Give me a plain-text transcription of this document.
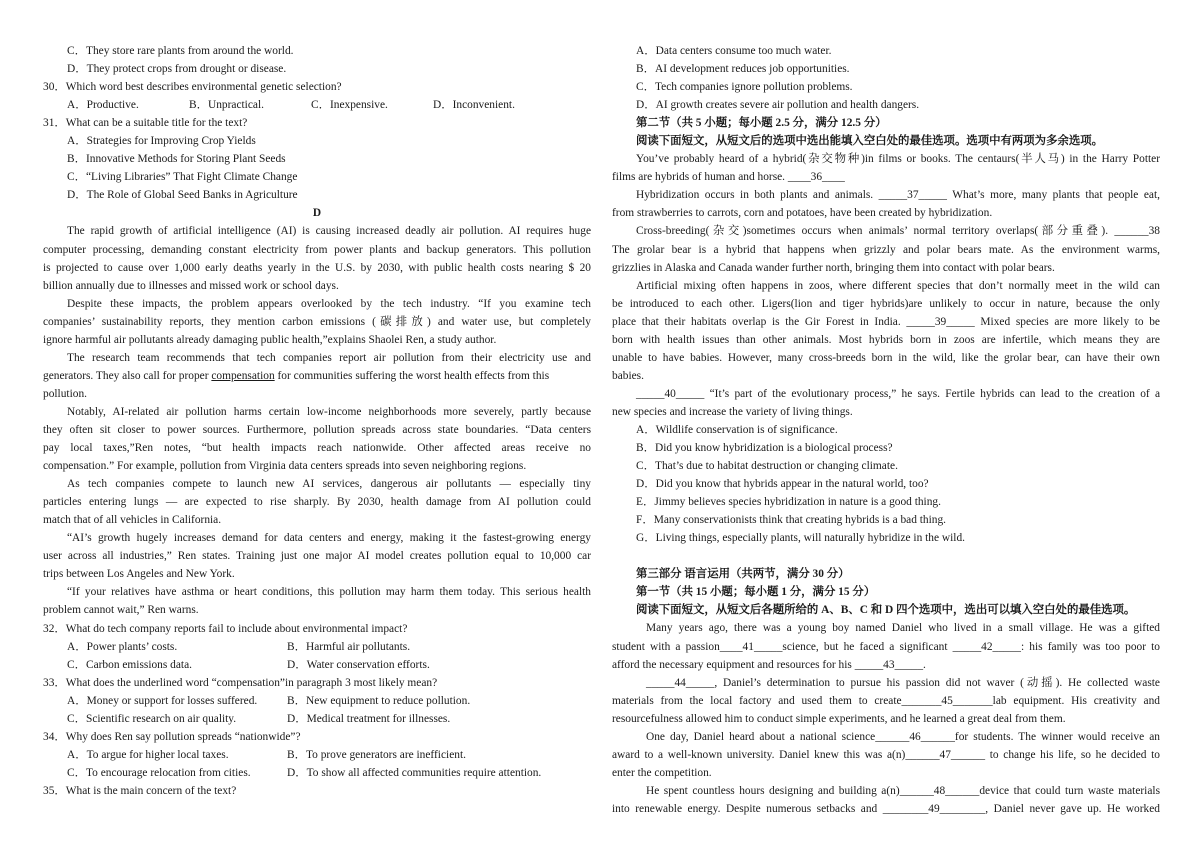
C．They store rare plants from around the world.
D．They protect crops from drought or disease.
30．Which word best describes environmental genetic selection?
A．Productive.	B．Unpractical.	C．Inexpensive.	D．Inconvenient.
31．What can be a suitable title for the text?
A．Strategies for Improving Crop Yields
B．Innovative Methods for Storing Plant Seeds
C．“Living Libraries” That Fight Climate Change
D．The Role of Global Seed Banks in Agriculture
D
The rapid growth of artificial intelligence (AI) is causing increased deadly air pollution. AI requires huge
computer processing, demanding constant electricity from power plants and backup generators. This pollution
is projected to cause over 1,000 early deaths yearly in the U.S. by 2030, with public health costs nearing $ 20
billion annually due to illnesses and missed work or school days.
Despite these impacts, the problem appears overlooked by the tech industry. “If you examine tech
companies’ sustainability reports, they mention carbon emissions (碳排放) and water use, but completely
ignore harmful air pollutants already damaging public health,”explains Shaolei Ren, a study author.
The research team recommends that tech companies report air pollution from their electricity use and
generators. They also call for proper compensation for communities suffering the worst health effects from this
pollution.
Notably, AI-related air pollution harms certain low-income neighborhoods more severely, partly because
they often sit closer to power sources. Furthermore, pollution spreads across state boundaries. “Data centers
pay local taxes,”Ren notes, “but health impacts reach nationwide. Other affected areas receive no
compensation.” For example, pollution from Virginia data centers spreads into seven neighboring regions.
As tech companies compete to launch new AI services, dangerous air pollutants — especially tiny
particles entering lungs — are expected to rise sharply. By 2030, health damage from AI pollution could
match that of all vehicles in California.
“AI’s growth hugely increases demand for data centers and energy, making it the fastest-growing energy
user across all industries,” Ren states. Training just one major AI model creates pollution equal to 10,000 car
trips between Los Angeles and New York.
“If your relatives have asthma or heart conditions, this pollution may harm them today. This serious health
problem cannot wait,” Ren warns.
32．What do tech company reports fail to include about environmental impact?
A．Power plants’ costs.	B．Harmful air pollutants.
C．Carbon emissions data.	D．Water conservation efforts.
33．What does the underlined word “compensation”in paragraph 3 most likely mean?
A．Money or support for losses suffered.	B．New equipment to reduce pollution.
C．Scientific research on air quality.	D．Medical treatment for illnesses.
34．Why does Ren say pollution spreads “nationwide”?
A．To argue for higher local taxes.	B．To prove generators are inefficient.
C．To encourage relocation from cities.	D．To show all affected communities require attention.
35．What is the main concern of the text?
A．Data centers consume too much water.
B．AI development reduces job opportunities.
C．Tech companies ignore pollution problems.
D．AI growth creates severe air pollution and health dangers.
第二节（共 5 小题；每小题 2.5 分，满分 12.5 分）
阅读下面短文，从短文后的选项中选出能填入空白处的最佳选项。选项中有两项为多余选项。
You’ve probably heard of a hybrid(杂交物种)in films or books. The centaurs(半人马) in the Harry Potter
films are hybrids of human and horse. ____36____
Hybridization occurs in both plants and animals. _____37_____ What’s more, many plants that people eat,
from strawberries to carrots, corn and potatoes, have been created by hybridization.
Cross-breeding(杂交)sometimes occurs when animals’ normal territory overlaps(部分重叠). ______38
The grolar bear is a hybrid that happens when grizzly and polar bears mate. As the environment warms,
grizzlies in Alaska and Canada wander further north, bringing them into contact with polar bears.
Artificial mixing often happens in zoos, where different species that don’t normally meet in the wild can
be introduced to each other. Ligers(lion and tiger hybrids)are unlikely to occur in nature, because the only
place that their habitats overlap is the Gir Forest in India. _____39_____ Mixed species are more likely to be
born with health issues than other animals. Most hybrids born in zoos are infertile, which means they are
unable to have babies. However, many cross-breeds born in the wild, like the grolar bear, can have their own
babies.
_____40_____ “It’s part of the evolutionary process,” he says. Fertile hybrids can lead to the creation of a
new species and increase the variety of living things.
A．Wildlife conservation is of significance.
B．Did you know hybridization is a biological process?
C．That’s due to habitat destruction or changing climate.
D．Did you know that hybrids appear in the natural world, too?
E．Jimmy believes species hybridization in nature is a good thing.
F．Many conservationists think that creating hybrids is a bad thing.
G．Living things, especially plants, will naturally hybridize in the wild.
第三部分 语言运用（共两节，满分 30 分）
第一节（共 15 小题；每小题 1 分，满分 15 分）
阅读下面短文，从短文后各题所给的 A、B、C 和 D 四个选项中，选出可以填入空白处的最佳选项。
Many years ago, there was a young boy named Daniel who lived in a small village. He was a gifted
student with a passion____41_____science, but he faced a significant _____42_____: his family was too poor to
afford the necessary equipment and resources for his _____43_____.
_____44_____, Daniel’s determination to pursue his passion did not waver (动摇). He collected waste
materials from the local factory and used them to create_______45_______lab equipment. His creativity and
resourcefulness allowed him to conduct simple experiments, and he learned a great deal from them.
One day, Daniel heard about a national science______46______for students. The winner would receive an
award to a well-known university. Daniel knew this was a(n)______47______ to change his life, so he decided to
enter the competition.
He spent countless hours designing and building a(n)______48______device that could turn waste materials
into renewable energy. Despite numerous setbacks and ________49________, Daniel never gave up. He worked
